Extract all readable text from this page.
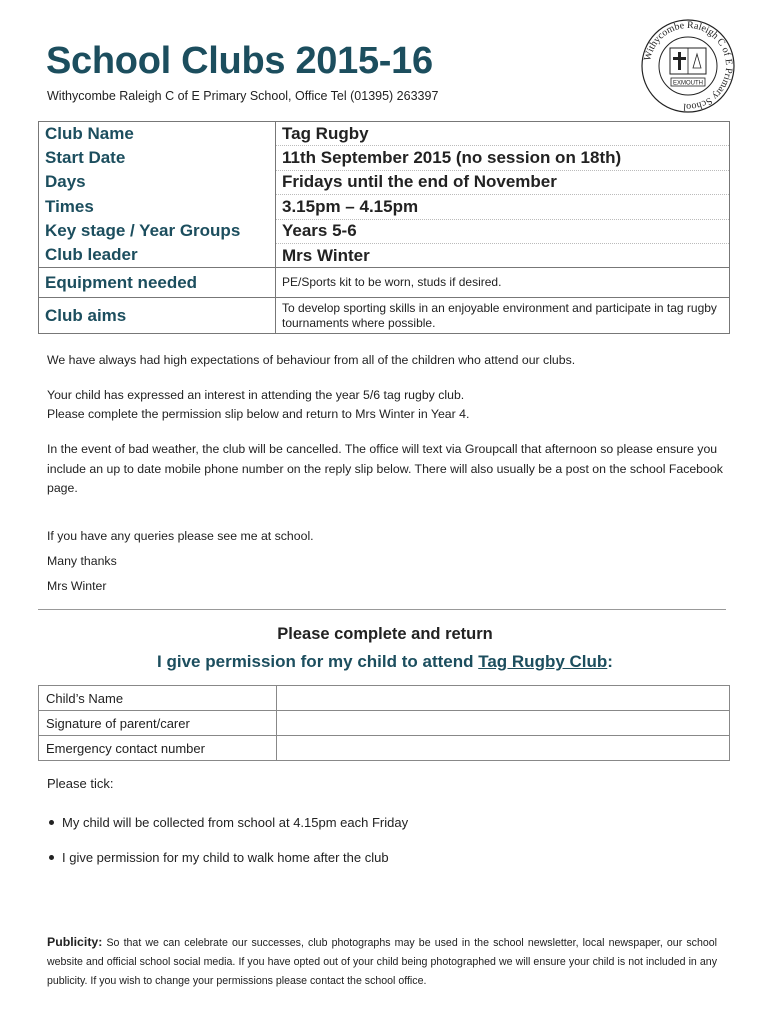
School Clubs 2015-16
Withycombe Raleigh C of E Primary School, Office Tel (01395) 263397
Withycombe Raleigh C of E Primary School
EXMOUTH
Club Name	Tag Rugby
Start Date	11th September 2015 (no session on 18th)
Days	Fridays until the end of November
Times	3.15pm – 4.15pm
Key stage / Year Groups	Years 5-6
Club leader	Mrs Winter
Equipment needed	PE/Sports kit to be worn, studs if desired.
Club aims	To develop sporting skills in an enjoyable environment and participate in tag rugby tournaments where possible.

We have always had high expectations of behaviour from all of the children who attend our clubs.

Your child has expressed an interest in attending the year 5/6 tag rugby club.

Please complete the permission slip below and return to Mrs Winter in Year 4.

In the event of bad weather, the club will be cancelled. The office will text via Groupcall that afternoon so please ensure you include an up to date mobile phone number on the reply slip below. There will also usually be a post on the school Facebook page.

If you have any queries please see me at school.

Many thanks

Mrs Winter

Please complete and return
I give permission for my child to attend Tag Rugby Club:
Child’s Name	
Signature of parent/carer	
Emergency contact number	
Please tick:
My child will be collected from school at 4.15pm each Friday
I give permission for my child to walk home after the club

Publicity: So that we can celebrate our successes, club photographs may be used in the school newsletter, local newspaper, our school website and official school social media. If you have opted out of your child being photographed we will ensure your child is not included in any publicity. If you wish to change your permissions please contact the school office.
